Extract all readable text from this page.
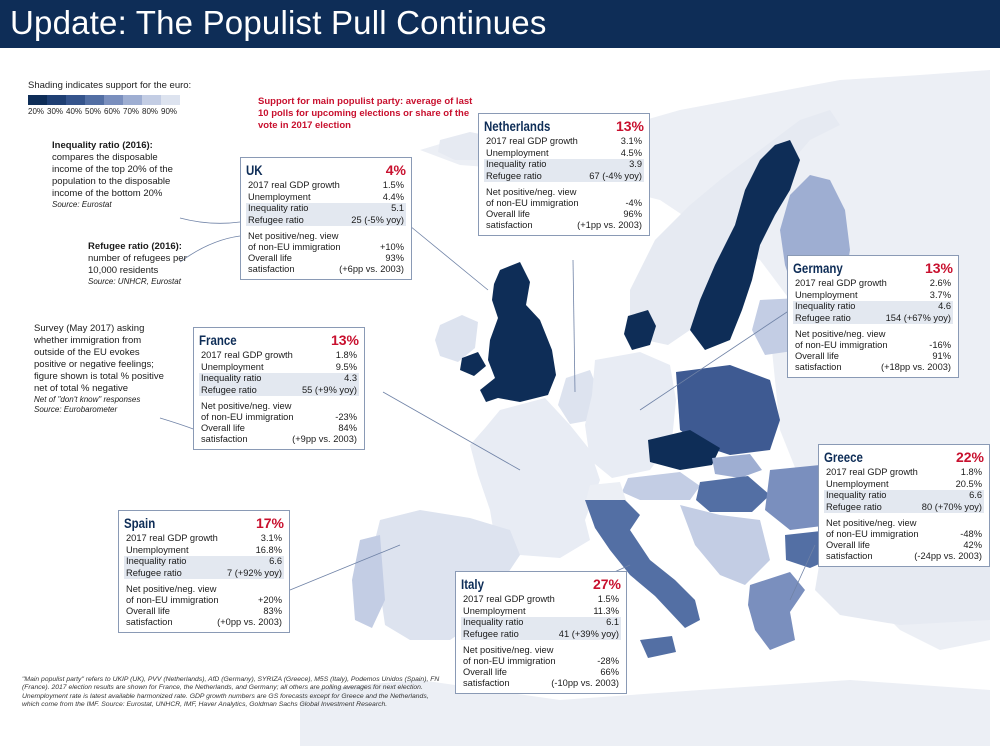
Update: The Populist Pull Continues
Shading indicates support for the euro:
20% 30% 40% 50% 60% 70% 80% 90%
Support for main populist party: average of last 10 polls for upcoming elections or share of the vote in 2017 election
Inequality ratio (2016): compares the disposable income of the top 20% of the population to the disposable income of the bottom 20%
Source: Eurostat
Refugee ratio (2016): number of refugees per 10,000 residents
Source: UNHCR, Eurostat
Survey (May 2017) asking whether immigration from outside of the EU evokes positive or negative feelings; figure shown is total % positive net of total % negative
Net of "don't know" responses
Source: Eurobarometer
UK	4%
2017 real GDP growth	1.5%
Unemployment	4.4%
Inequality ratio	5.1
Refugee ratio	25 (-5% yoy)
Net positive/neg. view
of non-EU immigration	+10%
Overall life	93%
satisfaction	(+6pp vs. 2003)
Netherlands	13%
2017 real GDP growth	3.1%
Unemployment	4.5%
Inequality ratio	3.9
Refugee ratio	67 (-4% yoy)
Net positive/neg. view
of non-EU immigration	-4%
Overall life	96%
satisfaction	(+1pp vs. 2003)
Germany	13%
2017 real GDP growth	2.6%
Unemployment	3.7%
Inequality ratio	4.6
Refugee ratio	154 (+67% yoy)
Net positive/neg. view
of non-EU immigration	-16%
Overall life	91%
satisfaction	(+18pp vs. 2003)
France	13%
2017 real GDP growth	1.8%
Unemployment	9.5%
Inequality ratio	4.3
Refugee ratio	55 (+9% yoy)
Net positive/neg. view
of non-EU immigration	-23%
Overall life	84%
satisfaction	(+9pp vs. 2003)
Greece	22%
2017 real GDP growth	1.8%
Unemployment	20.5%
Inequality ratio	6.6
Refugee ratio	80 (+70% yoy)
Net positive/neg. view
of non-EU immigration	-48%
Overall life	42%
satisfaction	(-24pp vs. 2003)
Spain	17%
2017 real GDP growth	3.1%
Unemployment	16.8%
Inequality ratio	6.6
Refugee ratio	7 (+92% yoy)
Net positive/neg. view
of non-EU immigration	+20%
Overall life	83%
satisfaction	(+0pp vs. 2003)
Italy	27%
2017 real GDP growth	1.5%
Unemployment	11.3%
Inequality ratio	6.1
Refugee ratio	41 (+39% yoy)
Net positive/neg. view
of non-EU immigration	-28%
Overall life	66%
satisfaction	(-10pp vs. 2003)
"Main populist party" refers to UKIP (UK), PVV (Netherlands), AfD (Germany), SYRIZA (Greece), M5S (Italy), Podemos Unidos (Spain), FN (France). 2017 election results are shown for France, the Netherlands, and Germany; all others are polling averages for next election. Unemployment rate is latest available harmonized rate. GDP growth numbers are GS forecasts except for Greece and the Netherlands, which come from the IMF. Source: Eurostat, UNHCR, IMF, Haver Analytics, Goldman Sachs Global Investment Research.
